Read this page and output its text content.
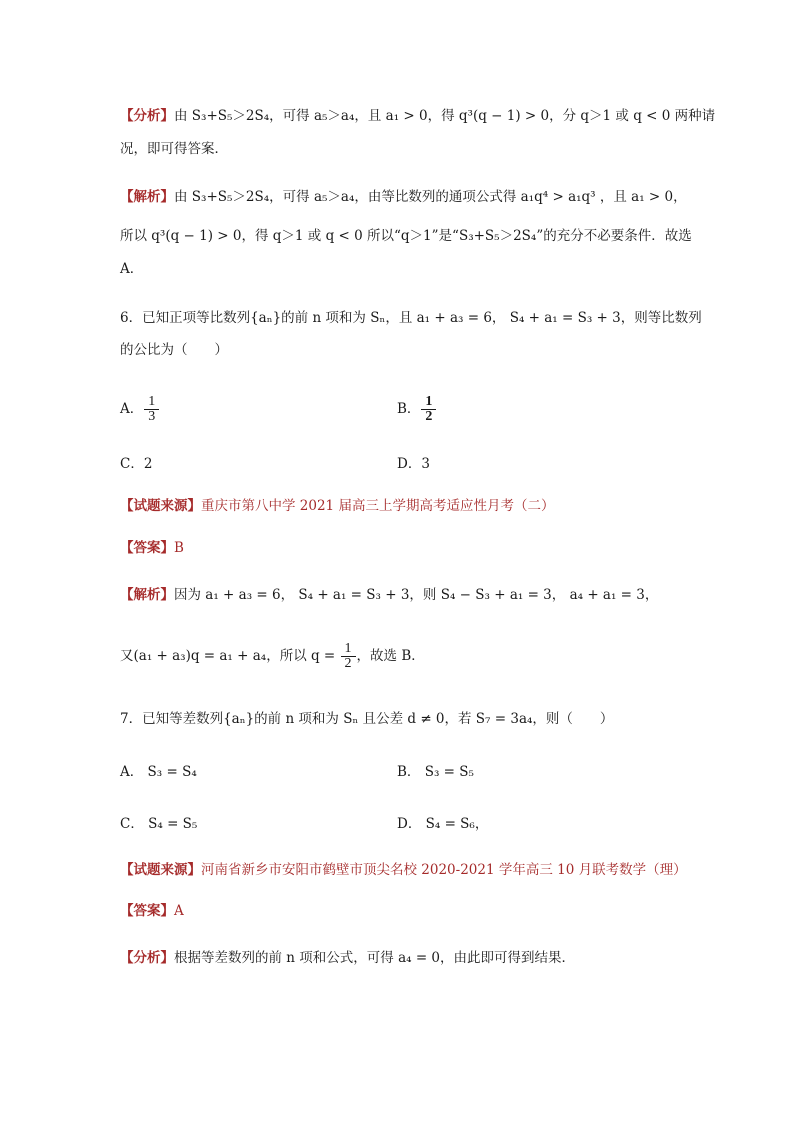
【分析】由 S₃+S₅＞2S₄，可得 a₅＞a₄，且 a₁ > 0，得 q³(q − 1) > 0，分 q＞1 或 q < 0 两种请
况，即可得答案．
【解析】由 S₃+S₅＞2S₄，可得 a₅＞a₄，由等比数列的通项公式得 a₁q⁴ > a₁q³ ，且 a₁ > 0，
所以 q³(q − 1) > 0，得 q＞1 或 q < 0 所以“q＞1”是“S₃+S₅＞2S₄”的充分不必要条件．故选
A．
6．已知正项等比数列{aₙ}的前 n 项和为 Sₙ，且 a₁ + a₃ = 6， S₄ + a₁ = S₃ + 3，则等比数列
的公比为（　　）
A． $\frac{1}{3}$	B． $\frac{1}{2}$
C．2	D．3
【试题来源】重庆市第八中学 2021 届高三上学期高考适应性月考（二）
【答案】B
【解析】因为 a₁ + a₃ = 6， S₄ + a₁ = S₃ + 3，则 S₄ − S₃ + a₁ = 3， a₄ + a₁ = 3，
又(a₁ + a₃)q = a₁ + a₄，所以 $q = \frac{1}{2}$ ，故选 B．
7．已知等差数列{aₙ}的前 n 项和为 Sₙ 且公差 d ≠ 0，若 S₇ = 3a₄，则（　　）
A． S₃ = S₄	B． S₃ = S₅
C． S₄ = S₅	D． S₄ = S₆，
【试题来源】河南省新乡市安阳市鹤壁市顶尖名校 2020-2021 学年高三 10 月联考数学（理）
【答案】A
【分析】根据等差数列的前 n 项和公式，可得 a₄ = 0，由此即可得到结果．
